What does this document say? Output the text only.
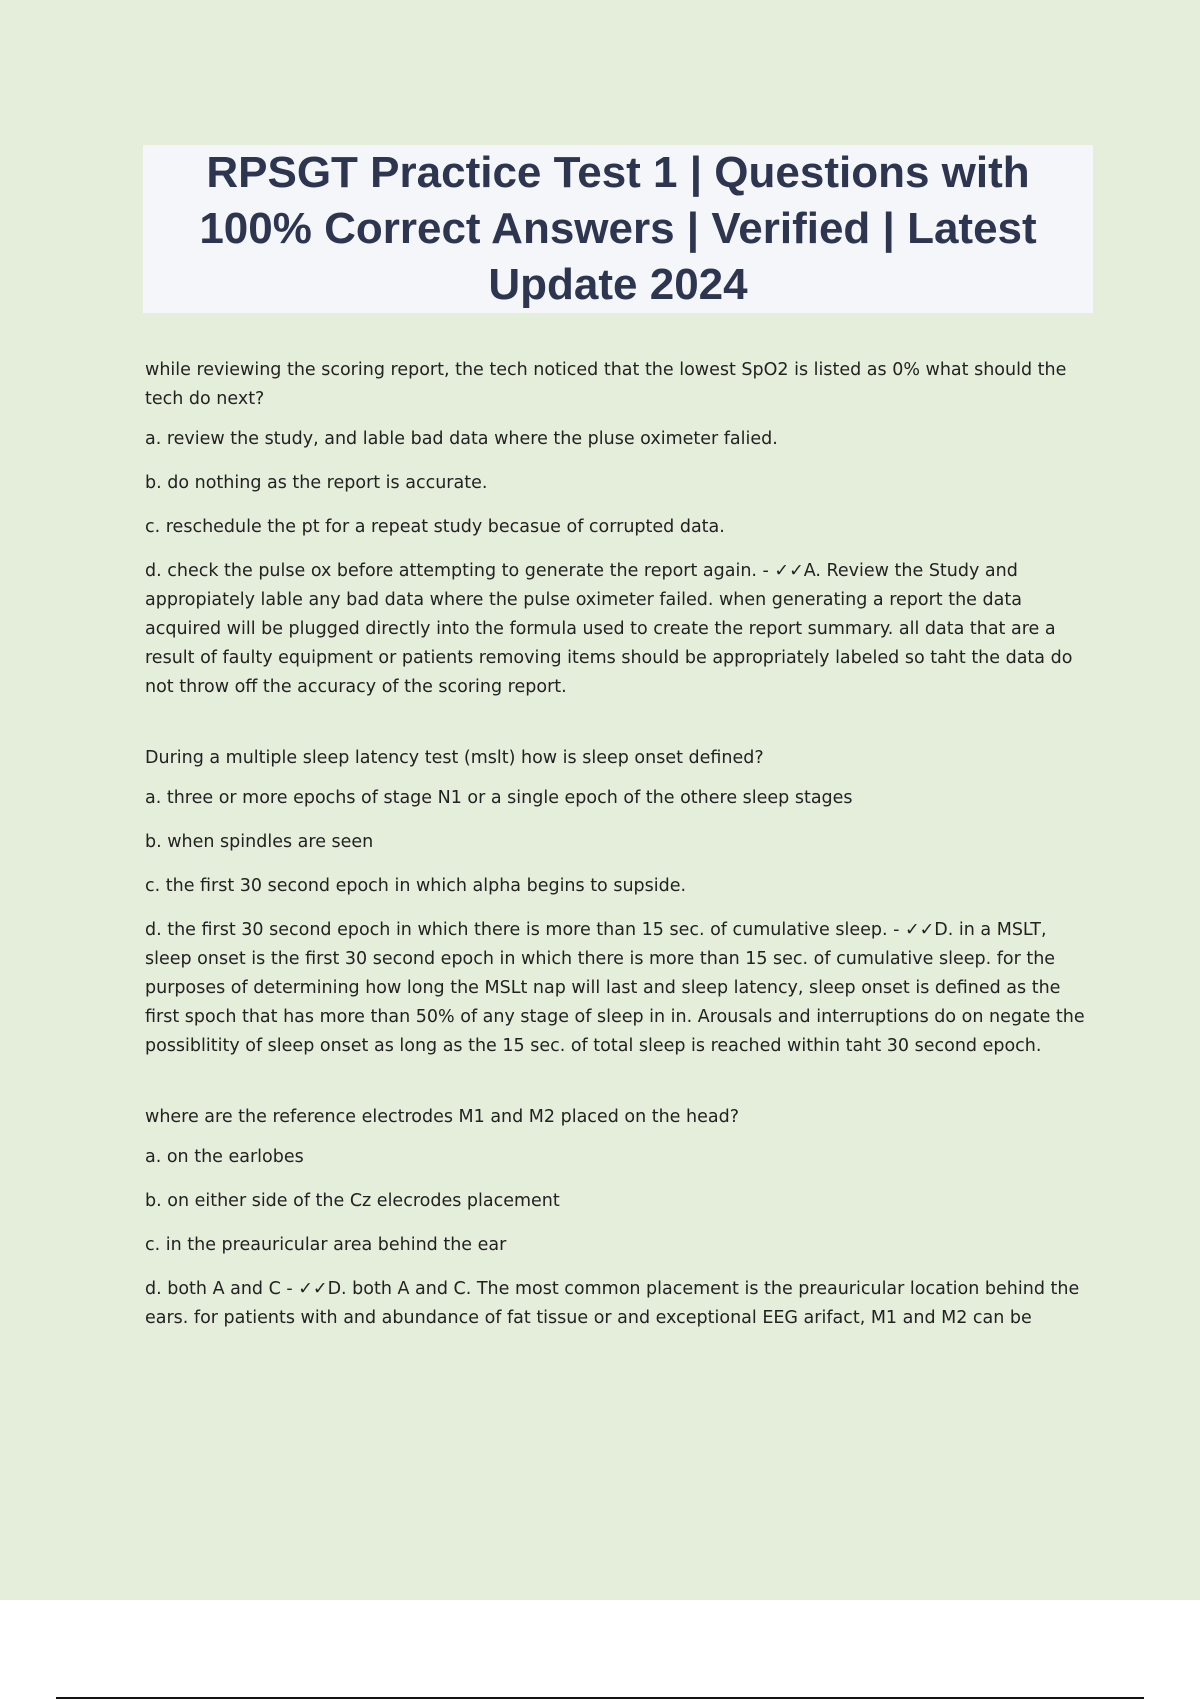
RPSGT Practice Test 1 | Questions with 100% Correct Answers | Verified | Latest Update 2024

while reviewing the scoring report, the tech noticed that the lowest SpO2 is listed as 0% what should the tech do next?

a. review the study, and lable bad data where the pluse oximeter falied.

b. do nothing as the report is accurate.

c. reschedule the pt for a repeat study becasue of corrupted data.

d. check the pulse ox before attempting to generate the report again. - ✓✓A. Review the Study and appropiately lable any bad data where the pulse oximeter failed. when generating a report the data acquired will be plugged directly into the formula used to create the report summary. all data that are a result of faulty equipment or patients removing items should be appropriately labeled so taht the data do not throw off the accuracy of the scoring report.

During a multiple sleep latency test (mslt) how is sleep onset defined?

a. three or more epochs of stage N1 or a single epoch of the othere sleep stages

b. when spindles are seen

c. the first 30 second epoch in which alpha begins to supside.

d. the first 30 second epoch in which there is more than 15 sec. of cumulative sleep. - ✓✓D. in a MSLT, sleep onset is the first 30 second epoch in which there is more than 15 sec. of cumulative sleep. for the purposes of determining how long the MSLt nap will last and sleep latency, sleep onset is defined as the first spoch that has more than 50% of any stage of sleep in in. Arousals and interruptions do on negate the possiblitity of sleep onset as long as the 15 sec. of total sleep is reached within taht 30 second epoch.

where are the reference electrodes M1 and M2 placed on the head?

a. on the earlobes

b. on either side of the Cz elecrodes placement

c. in the preauricular area behind the ear

d. both A and C - ✓✓D. both A and C. The most common placement is the preauricular location behind the ears. for patients with and abundance of fat tissue or and exceptional EEG arifact, M1 and M2 can be
